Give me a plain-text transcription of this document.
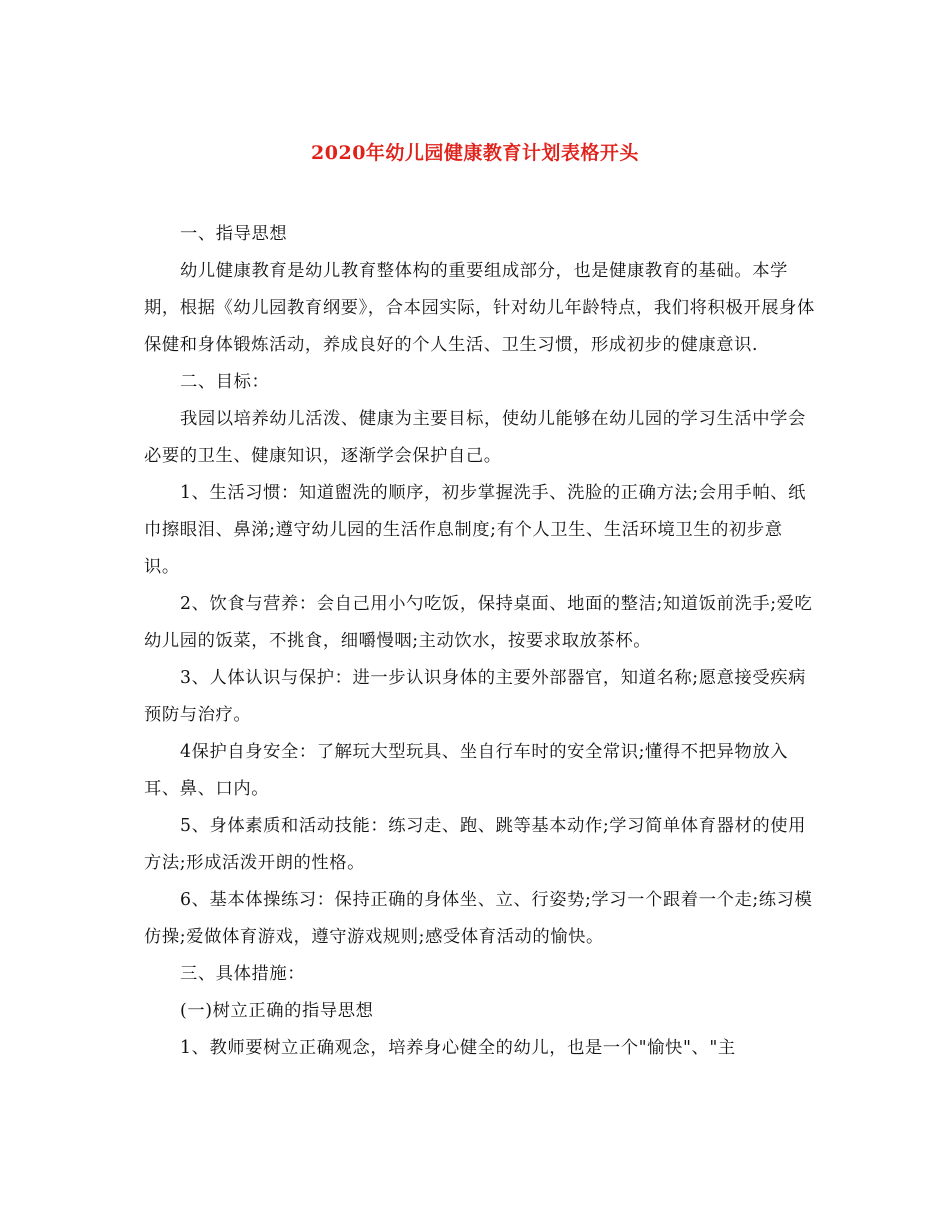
2020年幼儿园健康教育计划表格开头

一、指导思想

幼儿健康教育是幼儿教育整体构的重要组成部分，也是健康教育的基础。本学期，根据《幼儿园教育纲要》，合本园实际，针对幼儿年龄特点，我们将积极开展身体保健和身体锻炼活动，养成良好的个人生活、卫生习惯，形成初步的健康意识.

二、目标：

我园以培养幼儿活泼、健康为主要目标，使幼儿能够在幼儿园的学习生活中学会必要的卫生、健康知识，逐渐学会保护自己。

1、生活习惯：知道盥洗的顺序，初步掌握洗手、洗脸的正确方法;会用手帕、纸巾擦眼泪、鼻涕;遵守幼儿园的生活作息制度;有个人卫生、生活环境卫生的初步意识。

2、饮食与营养：会自己用小勺吃饭，保持桌面、地面的整洁;知道饭前洗手;爱吃幼儿园的饭菜，不挑食，细嚼慢咽;主动饮水，按要求取放茶杯。

3、人体认识与保护：进一步认识身体的主要外部器官，知道名称;愿意接受疾病预防与治疗。

4保护自身安全：了解玩大型玩具、坐自行车时的安全常识;懂得不把异物放入耳、鼻、口内。

5、身体素质和活动技能：练习走、跑、跳等基本动作;学习简单体育器材的使用方法;形成活泼开朗的性格。

6、基本体操练习：保持正确的身体坐、立、行姿势;学习一个跟着一个走;练习模仿操;爱做体育游戏，遵守游戏规则;感受体育活动的愉快。

三、具体措施：

(一)树立正确的指导思想

1、教师要树立正确观念，培养身心健全的幼儿，也是一个"愉快"、"主
